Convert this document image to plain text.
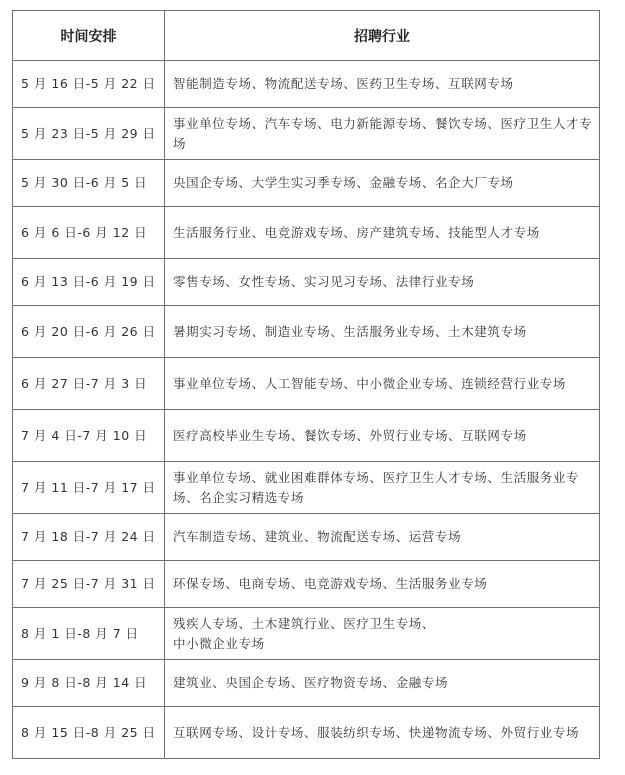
时间安排	招聘行业
5 月 16 日-5 月 22 日	智能制造专场、物流配送专场、医药卫生专场、互联网专场
5 月 23 日-5 月 29 日	事业单位专场、汽车专场、电力新能源专场、餐饮专场、医疗卫生人才专场
5 月 30 日-6 月 5 日	央国企专场、大学生实习季专场、金融专场、名企大厂专场
6 月 6 日-6 月 12 日	生活服务行业、电竞游戏专场、房产建筑专场、技能型人才专场
6 月 13 日-6 月 19 日	零售专场、女性专场、实习见习专场、法律行业专场
6 月 20 日-6 月 26 日	暑期实习专场、制造业专场、生活服务业专场、土木建筑专场
6 月 27 日-7 月 3 日	事业单位专场、人工智能专场、中小微企业专场、连锁经营行业专场
7 月 4 日-7 月 10 日	医疗高校毕业生专场、餐饮专场、外贸行业专场、互联网专场
7 月 11 日-7 月 17 日	事业单位专场、就业困难群体专场、医疗卫生人才专场、生活服务业专场、名企实习精选专场
7 月 18 日-7 月 24 日	汽车制造专场、建筑业、物流配送专场、运营专场
7 月 25 日-7 月 31 日	环保专场、电商专场、电竞游戏专场、生活服务业专场
8 月 1 日-8 月 7 日	残疾人专场、土木建筑行业、医疗卫生专场、
中小微企业专场
9 月 8 日-8 月 14 日	建筑业、央国企专场、医疗物资专场、金融专场
8 月 15 日-8 月 25 日	互联网专场、设计专场、服装纺织专场、快递物流专场、外贸行业专场
